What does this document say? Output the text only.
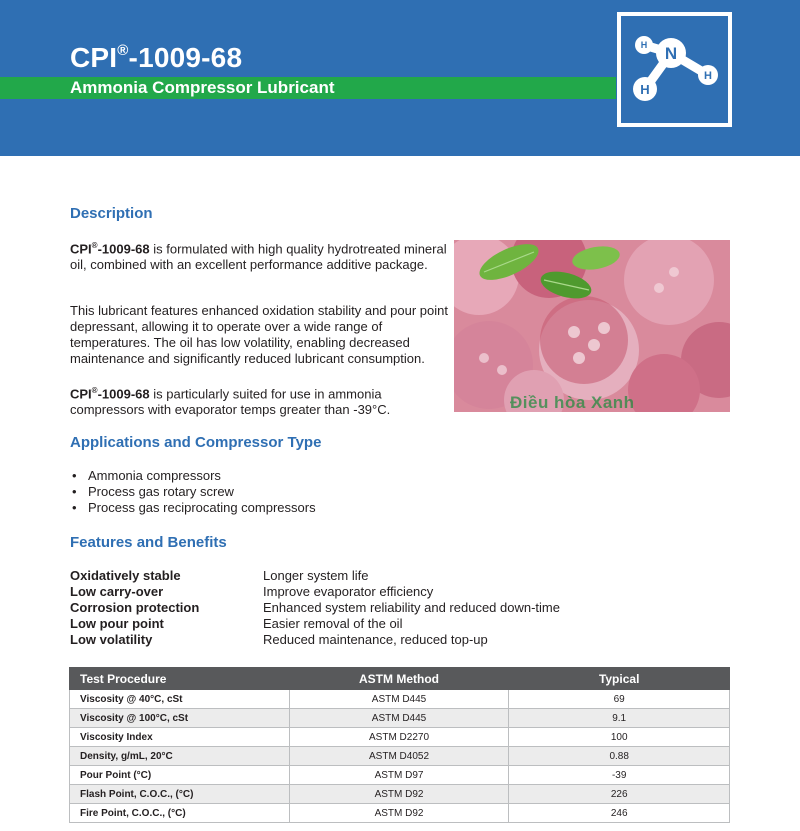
CPI®-1009-68
Ammonia Compressor Lubricant
H N
H
H
Description
CPI®-1009-68 is formulated with high quality hydrotreated mineral oil, combined with an excellent performance additive package.
This lubricant features enhanced oxidation stability and pour point depressant, allowing it to operate over a wide range of temperatures. The oil has low volatility, enabling decreased maintenance and significantly reduced lubricant consumption.
CPI®-1009-68 is particularly suited for use in ammonia compressors with evaporator temps greater than -39°C.	Điều hòa Xanh
Applications and Compressor Type
• Ammonia compressors
• Process gas rotary screw
• Process gas reciprocating compressors
Features and Benefits
Oxidatively stable	Longer system life
Low carry-over	Improve evaporator efficiency
Corrosion protection	Enhanced system reliability and reduced down-time
Low pour point	Easier removal of the oil
Low volatility	Reduced maintenance, reduced top-up
Test Procedure	ASTM Method	Typical
Viscosity @ 40°C, cSt	ASTM D445	69
Viscosity @ 100°C, cSt	ASTM D445	9.1
Viscosity Index	ASTM D2270	100
Density, g/mL, 20°C	ASTM D4052	0.88
Pour Point (°C)	ASTM D97	-39
Flash Point, C.O.C., (°C)	ASTM D92	226
Fire Point, C.O.C., (°C)	ASTM D92	246
